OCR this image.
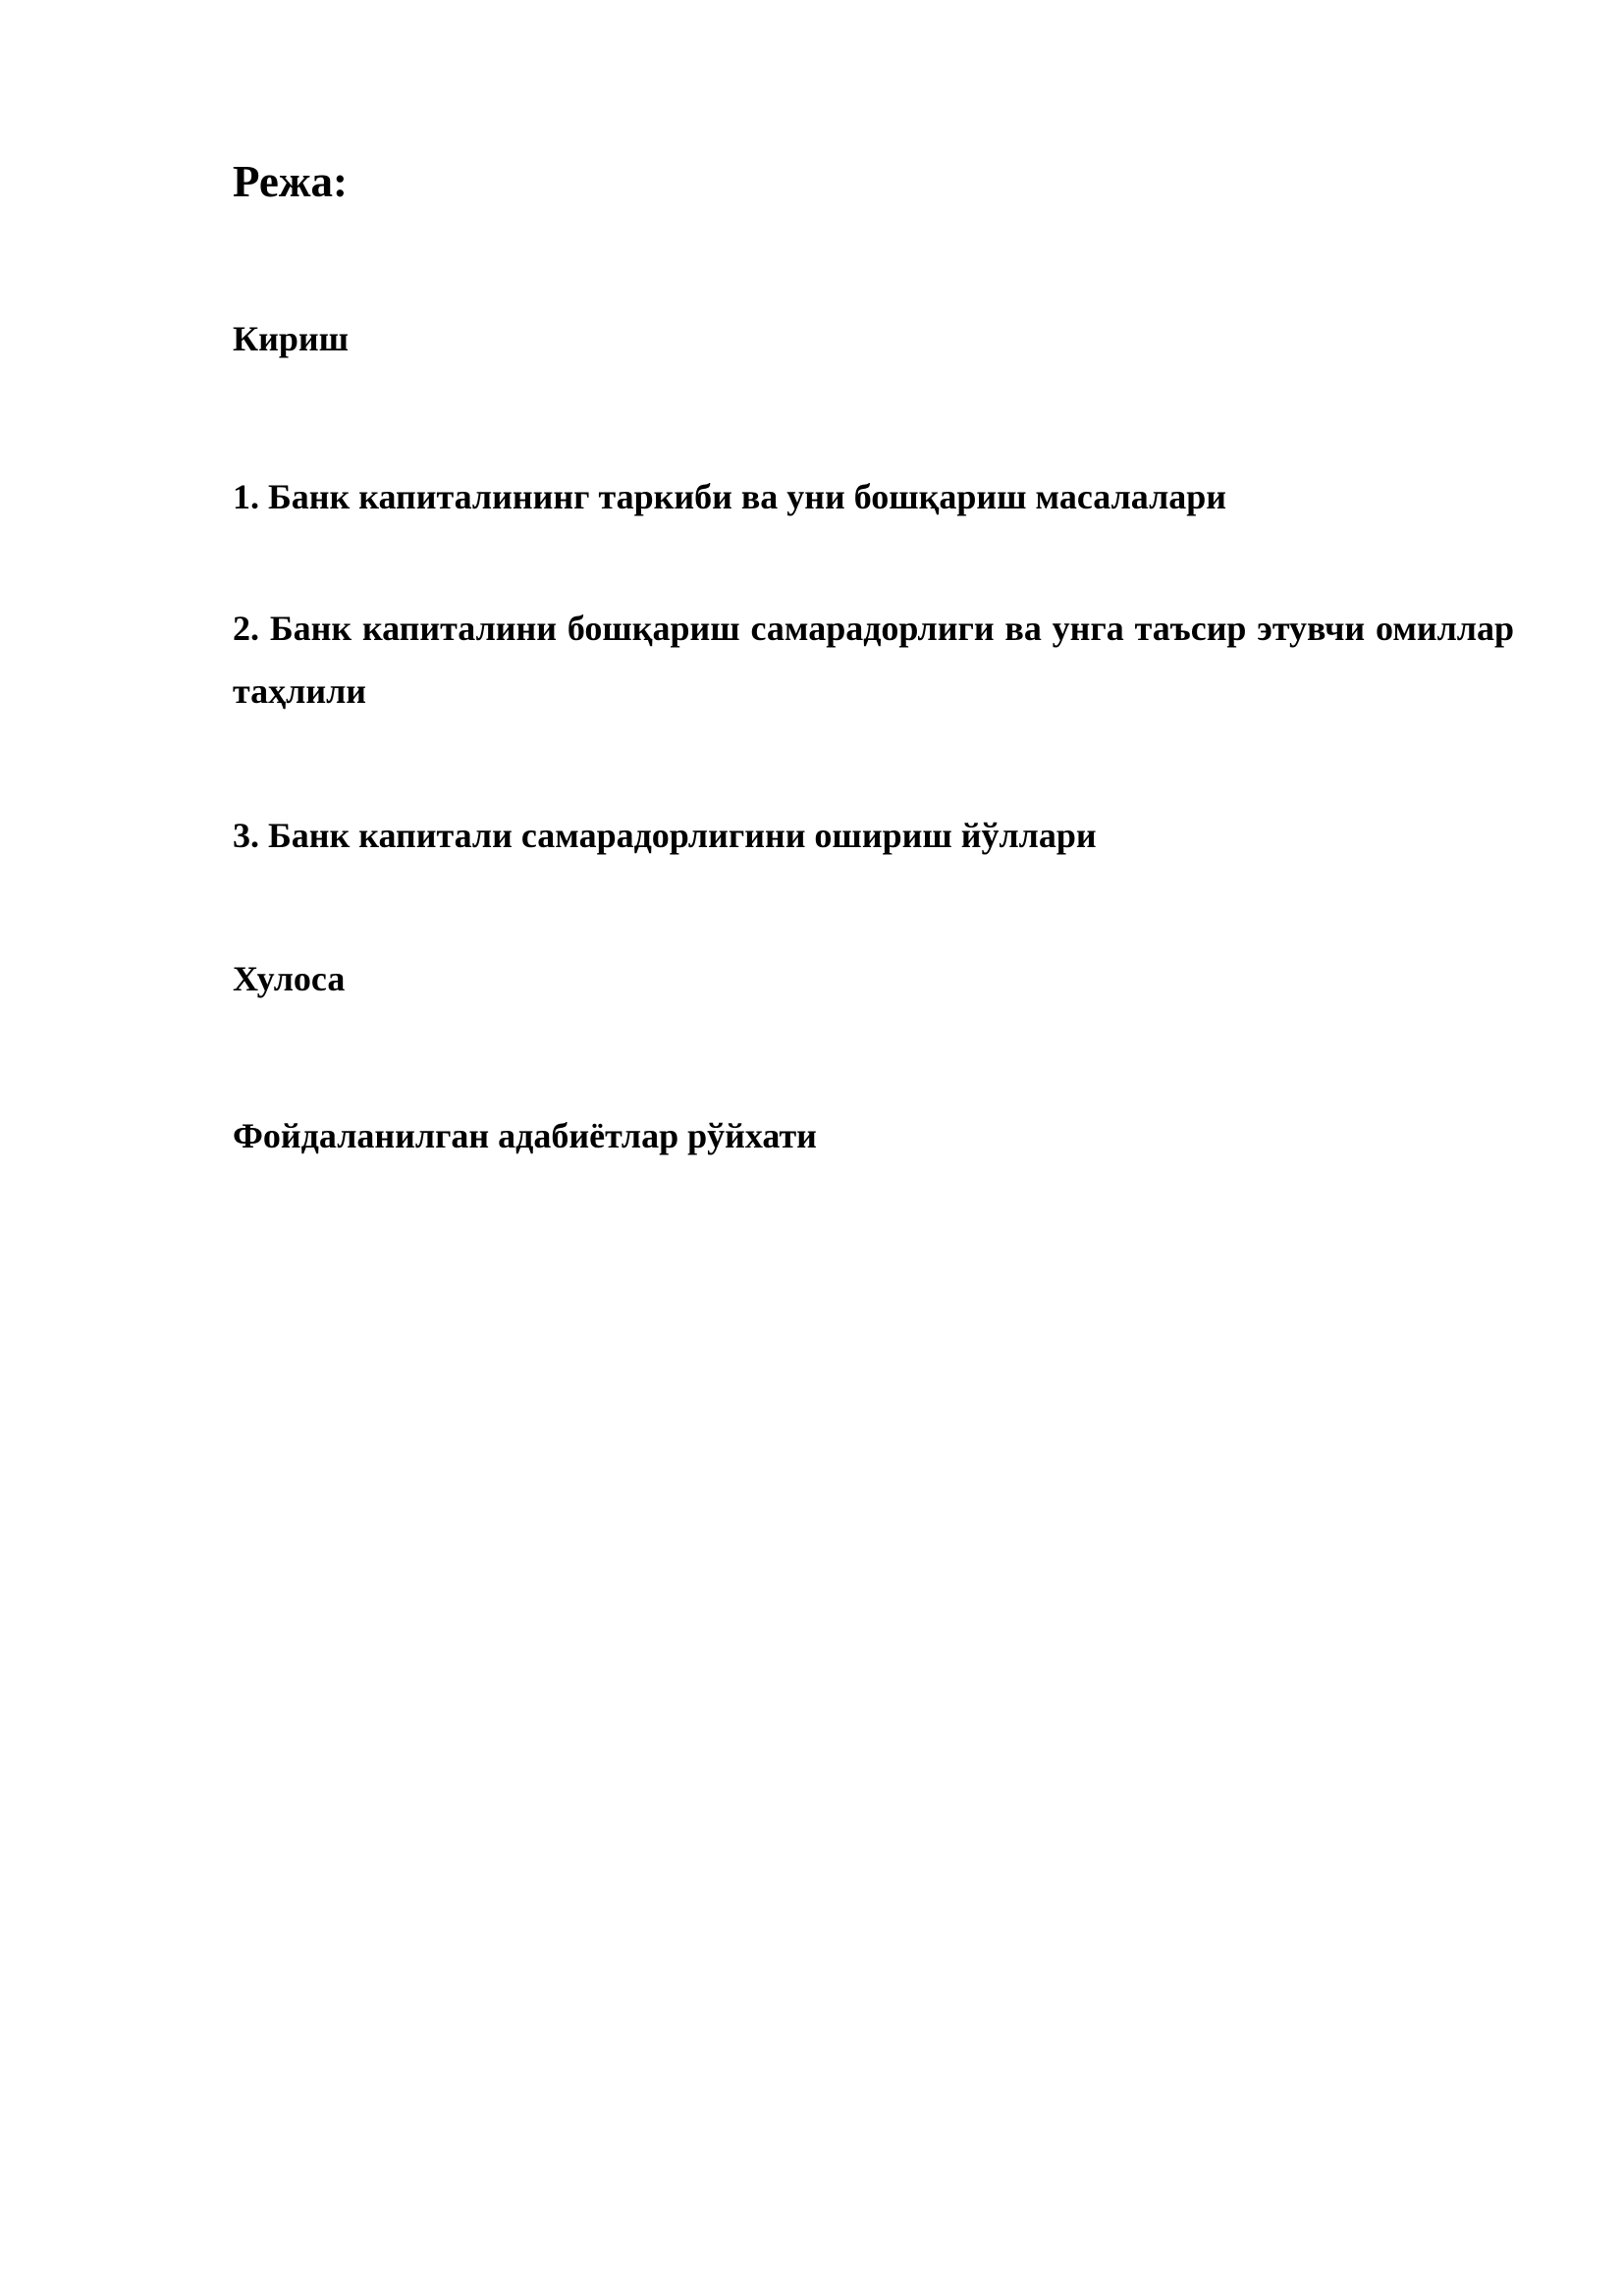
Режа:

Кириш

1. Банк капиталининг таркиби ва уни бошқариш масалалари

2. Банк капиталини бошқариш самарадорлиги ва унга таъсир этувчи омиллар таҳлили

3. Банк капитали самарадорлигини ошириш йўллари

Хулоса

Фойдаланилган адабиётлар рўйхати
